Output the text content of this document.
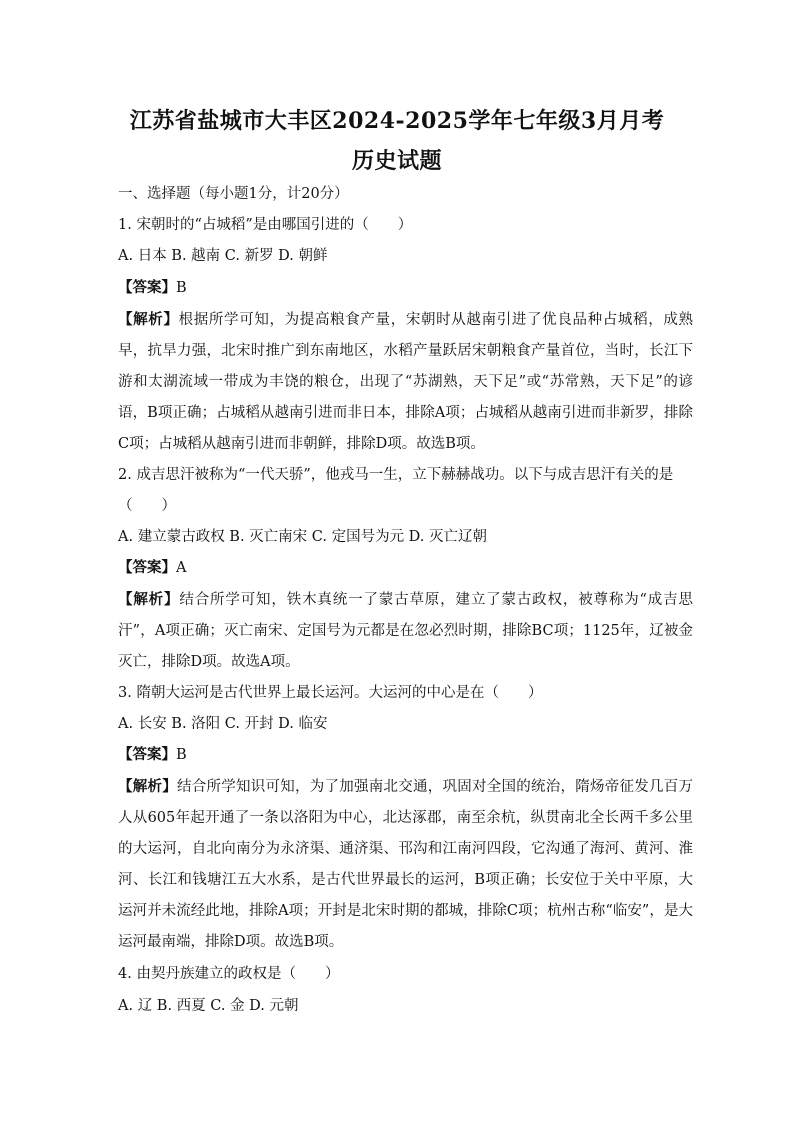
江苏省盐城市大丰区2024-2025学年七年级3月月考
历史试题
一、选择题（每小题1分，计20分）
1. 宋朝时的“占城稻”是由哪国引进的（　　）
A. 日本 B. 越南 C. 新罗 D. 朝鲜
【答案】B
【解析】根据所学可知，为提高粮食产量，宋朝时从越南引进了优良品种占城稻，成熟早，抗旱力强，北宋时推广到东南地区，水稻产量跃居宋朝粮食产量首位，当时，长江下游和太湖流域一带成为丰饶的粮仓，出现了“苏湖熟，天下足”或“苏常熟，天下足”的谚语，B项正确；占城稻从越南引进而非日本，排除A项；占城稻从越南引进而非新罗，排除C项；占城稻从越南引进而非朝鲜，排除D项。故选B项。
2. 成吉思汗被称为“一代天骄”，他戎马一生，立下赫赫战功。以下与成吉思汗有关的是
（　　）
A. 建立蒙古政权 B. 灭亡南宋 C. 定国号为元 D. 灭亡辽朝
【答案】A
【解析】结合所学可知，铁木真统一了蒙古草原，建立了蒙古政权，被尊称为“成吉思汗”，A项正确；灭亡南宋、定国号为元都是在忽必烈时期，排除BC项；1125年，辽被金灭亡，排除D项。故选A项。
3. 隋朝大运河是古代世界上最长运河。大运河的中心是在（　　）
A. 长安 B. 洛阳 C. 开封 D. 临安
【答案】B
【解析】结合所学知识可知，为了加强南北交通，巩固对全国的统治，隋炀帝征发几百万人从605年起开通了一条以洛阳为中心，北达涿郡，南至余杭，纵贯南北全长两千多公里的大运河，自北向南分为永济渠、通济渠、邗沟和江南河四段，它沟通了海河、黄河、淮河、长江和钱塘江五大水系，是古代世界最长的运河，B项正确；长安位于关中平原，大运河并未流经此地，排除A项；开封是北宋时期的都城，排除C项；杭州古称“临安”，是大运河最南端，排除D项。故选B项。
4. 由契丹族建立的政权是（　　）
A. 辽 B. 西夏 C. 金 D. 元朝
